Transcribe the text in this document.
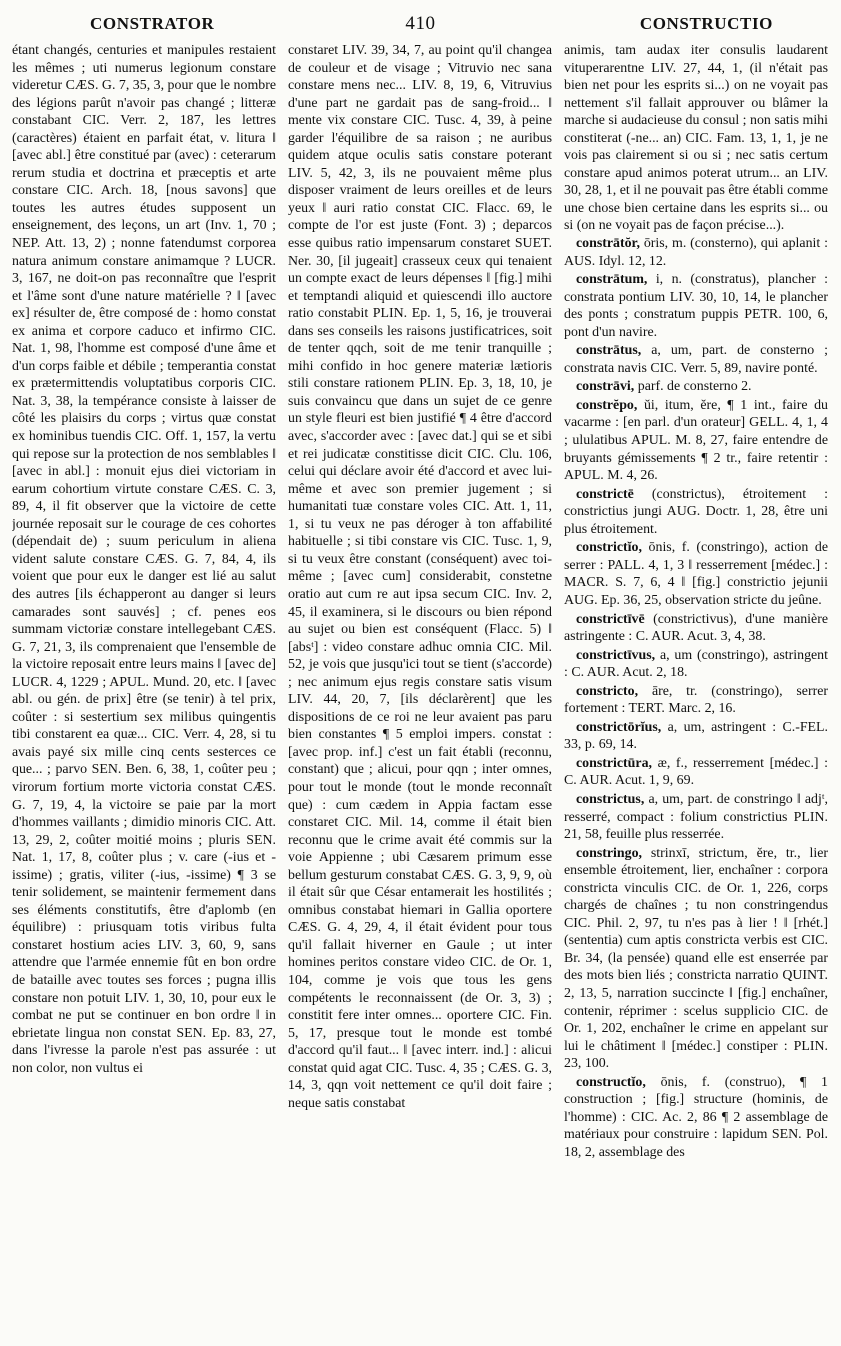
CONSTRATOR	410	CONSTRUCTIO

étant changés, centuries et manipules restaient les mêmes ; uti numerus legionum constare videretur CÆS. G. 7, 35, 3, pour que le nombre des légions parût n'avoir pas changé ; litteræ constabant CIC. Verr. 2, 187, les lettres (caractères) étaient en parfait état, v. litura ‖ [avec abl.] être constitué par (avec) : ceterarum rerum studia et doctrina et præceptis et arte constare CIC. Arch. 18, [nous savons] que toutes les autres études supposent un enseignement, des leçons, un art (Inv. 1, 70 ; NEP. Att. 13, 2) ; nonne fatendumst corporea natura animum constare animamque ? LUCR. 3, 167, ne doit-on pas reconnaître que l'esprit et l'âme sont d'une nature matérielle ? ‖ [avec ex] résulter de, être composé de : homo constat ex anima et corpore caduco et infirmo CIC. Nat. 1, 98, l'homme est composé d'une âme et d'un corps faible et débile ; temperantia constat ex prætermittendis voluptatibus corporis CIC. Nat. 3, 38, la tempérance consiste à laisser de côté les plaisirs du corps ; virtus quæ constat ex hominibus tuendis CIC. Off. 1, 157, la vertu qui repose sur la protection de nos semblables ‖ [avec in abl.] : monuit ejus diei victoriam in earum cohortium virtute constare CÆS. C. 3, 89, 4, il fit observer que la victoire de cette journée reposait sur le courage de ces cohortes (dépendait de) ; suum periculum in aliena vident salute constare CÆS. G. 7, 84, 4, ils voient que pour eux le danger est lié au salut des autres [ils échapperont au danger si leurs camarades sont sauvés] ; cf. penes eos summam victoriæ constare intellegebant CÆS. G. 7, 21, 3, ils comprenaient que l'ensemble de la victoire reposait entre leurs mains ‖ [avec de] LUCR. 4, 1229 ; APUL. Mund. 20, etc. ‖ [avec abl. ou gén. de prix] être (se tenir) à tel prix, coûter : si sestertium sex milibus quingentis tibi constarent ea quæ... CIC. Verr. 4, 28, si tu avais payé six mille cinq cents sesterces ce que... ; parvo SEN. Ben. 6, 38, 1, coûter peu ; virorum fortium morte victoria constat CÆS. G. 7, 19, 4, la victoire se paie par la mort d'hommes vaillants ; dimidio minoris CIC. Att. 13, 29, 2, coûter moitié moins ; pluris SEN. Nat. 1, 17, 8, coûter plus ; v. care (-ius et -issime) ; gratis, viliter (-ius, -issime) ¶ 3 se tenir solidement, se maintenir fermement dans ses éléments constitutifs, être d'aplomb (en équilibre) : priusquam totis viribus fulta constaret hostium acies LIV. 3, 60, 9, sans attendre que l'armée ennemie fût en bon ordre de bataille avec toutes ses forces ; pugna illis constare non potuit LIV. 1, 30, 10, pour eux le combat ne put se continuer en bon ordre ‖ in ebrietate lingua non constat SEN. Ep. 83, 27, dans l'ivresse la parole n'est pas assurée : ut non color, non vultus ei

constaret LIV. 39, 34, 7, au point qu'il changea de couleur et de visage ; Vitruvio nec sana constare mens nec... LIV. 8, 19, 6, Vitruvius d'une part ne gardait pas de sang-froid... ‖ mente vix constare CIC. Tusc. 4, 39, à peine garder l'équilibre de sa raison ; ne auribus quidem atque oculis satis constare poterant LIV. 5, 42, 3, ils ne pouvaient même plus disposer vraiment de leurs oreilles et de leurs yeux ‖ auri ratio constat CIC. Flacc. 69, le compte de l'or est juste (Font. 3) ; deparcos esse quibus ratio impensarum constaret SUET. Ner. 30, [il jugeait] crasseux ceux qui tenaient un compte exact de leurs dépenses ‖ [fig.] mihi et temptandi aliquid et quiescendi illo auctore ratio constabit PLIN. Ep. 1, 5, 16, je trouverai dans ses conseils les raisons justificatrices, soit de tenter qqch, soit de me tenir tranquille ; mihi confido in hoc genere materiæ lætioris stili constare rationem PLIN. Ep. 3, 18, 10, je suis convaincu que dans un sujet de ce genre un style fleuri est bien justifié ¶ 4 être d'accord avec, s'accorder avec : [avec dat.] qui se et sibi et rei judicatæ constitisse dicit CIC. Clu. 106, celui qui déclare avoir été d'accord et avec lui-même et avec son premier jugement ; si humanitati tuæ constare voles CIC. Att. 1, 11, 1, si tu veux ne pas déroger à ton affabilité habituelle ; si tibi constare vis CIC. Tusc. 1, 9, si tu veux être constant (conséquent) avec toi-même ; [avec cum] considerabit, constetne oratio aut cum re aut ipsa secum CIC. Inv. 2, 45, il examinera, si le discours ou bien répond au sujet ou bien est conséquent (Flacc. 5) ‖ [absᵗ] : video constare adhuc omnia CIC. Mil. 52, je vois que jusqu'ici tout se tient (s'accorde) ; nec animum ejus regis constare satis visum LIV. 44, 20, 7, [ils déclarèrent] que les dispositions de ce roi ne leur avaient pas paru bien constantes ¶ 5 emploi impers. constat : [avec prop. inf.] c'est un fait établi (reconnu, constant) que ; alicui, pour qqn ; inter omnes, pour tout le monde (tout le monde reconnaît que) : cum cædem in Appia factam esse constaret CIC. Mil. 14, comme il était bien reconnu que le crime avait été commis sur la voie Appienne ; ubi Cæsarem primum esse bellum gesturum constabat CÆS. G. 3, 9, 9, où il était sûr que César entamerait les hostilités ; omnibus constabat hiemari in Gallia oportere CÆS. G. 4, 29, 4, il était évident pour tous qu'il fallait hiverner en Gaule ; ut inter homines peritos constare video CIC. de Or. 1, 104, comme je vois que tous les gens compétents le reconnaissent (de Or. 3, 3) ; constitit fere inter omnes... oportere CIC. Fin. 5, 17, presque tout le monde est tombé d'accord qu'il faut... ‖ [avec interr. ind.] : alicui constat quid agat CIC. Tusc. 4, 35 ; CÆS. G. 3, 14, 3, qqn voit nettement ce qu'il doit faire ; neque satis constabat

animis, tam audax iter consulis laudarent vituperarentne LIV. 27, 44, 1, (il n'était pas bien net pour les esprits si...) on ne voyait pas nettement s'il fallait approuver ou blâmer la marche si audacieuse du consul ; non satis mihi constiterat (-ne... an) CIC. Fam. 13, 1, 1, je ne vois pas clairement si ou si ; nec satis certum constare apud animos poterat utrum... an LIV. 30, 28, 1, et il ne pouvait pas être établi comme une chose bien certaine dans les esprits si... ou si (on ne voyait pas de façon précise...).

constrātŏr, ōris, m. (consterno), qui aplanit : AUS. Idyl. 12, 12.

constrātum, i, n. (constratus), plancher : constrata pontium LIV. 30, 10, 14, le plancher des ponts ; constratum puppis PETR. 100, 6, pont d'un navire.

constrātus, a, um, part. de consterno ; constrata navis CIC. Verr. 5, 89, navire ponté.

constrāvi, parf. de consterno 2.

constrĕpo, ŭi, itum, ĕre, ¶ 1 int., faire du vacarme : [en parl. d'un orateur] GELL. 4, 1, 4 ; ululatibus APUL. M. 8, 27, faire entendre de bruyants gémissements ¶ 2 tr., faire retentir : APUL. M. 4, 26.

constrictē (constrictus), étroitement : constrictius jungi AUG. Doctr. 1, 28, être uni plus étroitement.

constrictĭo, ōnis, f. (constringo), action de serrer : PALL. 4, 1, 3 ‖ resserrement [médec.] : MACR. S. 7, 6, 4 ‖ [fig.] constrictio jejunii AUG. Ep. 36, 25, observation stricte du jeûne.

constrictīvē (constrictivus), d'une manière astringente : C. AUR. Acut. 3, 4, 38.

constrictīvus, a, um (constringo), astringent : C. AUR. Acut. 2, 18.

constricto, āre, tr. (constringo), serrer fortement : TERT. Marc. 2, 16.

constrictōrĭus, a, um, astringent : C.-FEL. 33, p. 69, 14.

constrictūra, æ, f., resserrement [médec.] : C. AUR. Acut. 1, 9, 69.

constrictus, a, um, part. de constringo ‖ adjᵗ, resserré, compact : folium constrictius PLIN. 21, 58, feuille plus resserrée.

constringo, strinxī, strictum, ĕre, tr., lier ensemble étroitement, lier, enchaîner : corpora constricta vinculis CIC. de Or. 1, 226, corps chargés de chaînes ; tu non constringendus CIC. Phil. 2, 97, tu n'es pas à lier ! ‖ [rhét.] (sententia) cum aptis constricta verbis est CIC. Br. 34, (la pensée) quand elle est enserrée par des mots bien liés ; constricta narratio QUINT. 2, 13, 5, narration succincte ‖ [fig.] enchaîner, contenir, réprimer : scelus supplicio CIC. de Or. 1, 202, enchaîner le crime en appelant sur lui le châtiment ‖ [médec.] constiper : PLIN. 23, 100.

constructĭo, ōnis, f. (construo), ¶ 1 construction ; [fig.] structure (hominis, de l'homme) : CIC. Ac. 2, 86 ¶ 2 assemblage de matériaux pour construire : lapidum SEN. Pol. 18, 2, assemblage des
